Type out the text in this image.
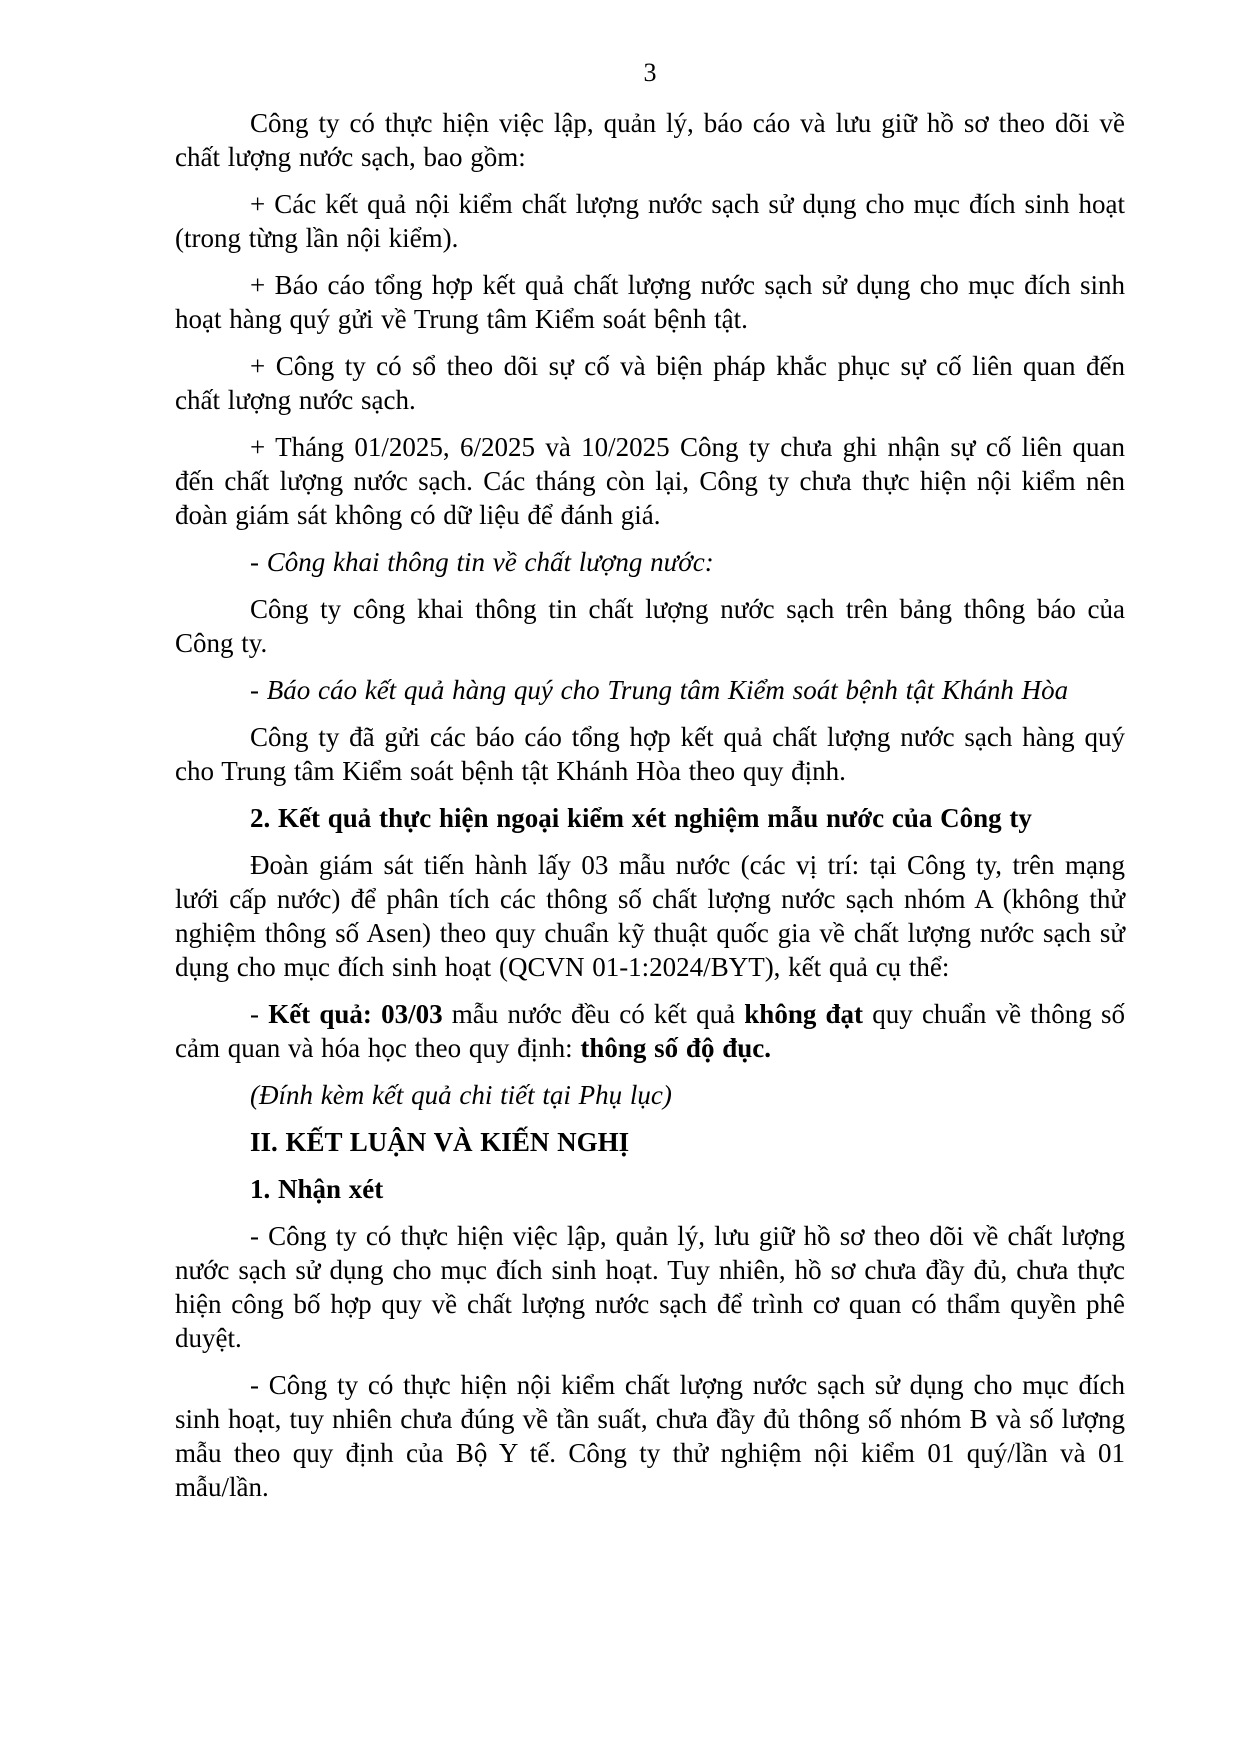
3

Công ty có thực hiện việc lập, quản lý, báo cáo và lưu giữ hồ sơ theo dõi về chất lượng nước sạch, bao gồm:

+ Các kết quả nội kiểm chất lượng nước sạch sử dụng cho mục đích sinh hoạt (trong từng lần nội kiểm).

+ Báo cáo tổng hợp kết quả chất lượng nước sạch sử dụng cho mục đích sinh hoạt hàng quý gửi về Trung tâm Kiểm soát bệnh tật.

+ Công ty có sổ theo dõi sự cố và biện pháp khắc phục sự cố liên quan đến chất lượng nước sạch.

+ Tháng 01/2025, 6/2025 và 10/2025 Công ty chưa ghi nhận sự cố liên quan đến chất lượng nước sạch. Các tháng còn lại, Công ty chưa thực hiện nội kiểm nên đoàn giám sát không có dữ liệu để đánh giá.

- Công khai thông tin về chất lượng nước:

Công ty công khai thông tin chất lượng nước sạch trên bảng thông báo của Công ty.

- Báo cáo kết quả hàng quý cho Trung tâm Kiểm soát bệnh tật Khánh Hòa

Công ty đã gửi các báo cáo tổng hợp kết quả chất lượng nước sạch hàng quý cho Trung tâm Kiểm soát bệnh tật Khánh Hòa theo quy định.

2. Kết quả thực hiện ngoại kiểm xét nghiệm mẫu nước của Công ty

Đoàn giám sát tiến hành lấy 03 mẫu nước (các vị trí: tại Công ty, trên mạng lưới cấp nước) để phân tích các thông số chất lượng nước sạch nhóm A (không thử nghiệm thông số Asen) theo quy chuẩn kỹ thuật quốc gia về chất lượng nước sạch sử dụng cho mục đích sinh hoạt (QCVN 01-1:2024/BYT), kết quả cụ thể:

- Kết quả: 03/03 mẫu nước đều có kết quả không đạt quy chuẩn về thông số cảm quan và hóa học theo quy định: thông số độ đục.

(Đính kèm kết quả chi tiết tại Phụ lục)

II. KẾT LUẬN VÀ KIẾN NGHỊ

1. Nhận xét

- Công ty có thực hiện việc lập, quản lý, lưu giữ hồ sơ theo dõi về chất lượng nước sạch sử dụng cho mục đích sinh hoạt. Tuy nhiên, hồ sơ chưa đầy đủ, chưa thực hiện công bố hợp quy về chất lượng nước sạch để trình cơ quan có thẩm quyền phê duyệt.

- Công ty có thực hiện nội kiểm chất lượng nước sạch sử dụng cho mục đích sinh hoạt, tuy nhiên chưa đúng về tần suất, chưa đầy đủ thông số nhóm B và số lượng mẫu theo quy định của Bộ Y tế. Công ty thử nghiệm nội kiểm 01 quý/lần và 01 mẫu/lần.
